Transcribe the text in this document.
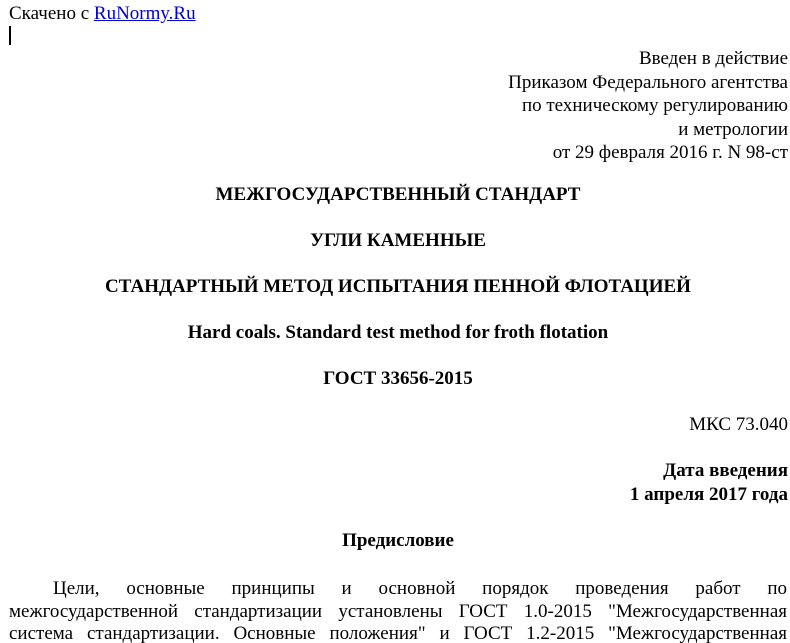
Скачено с RuNormy.Ru
Введен в действие
Приказом Федерального агентства
по техническому регулированию
и метрологии
от 29 февраля 2016 г. N 98-ст
МЕЖГОСУДАРСТВЕННЫЙ СТАНДАРТ
УГЛИ КАМЕННЫЕ
СТАНДАРТНЫЙ МЕТОД ИСПЫТАНИЯ ПЕННОЙ ФЛОТАЦИЕЙ
Hard coals. Standard test method for froth flotation
ГОСТ 33656-2015
МКС 73.040
Дата введения
1 апреля 2017 года
Предисловие
Цели, основные принципы и основной порядок проведения работ по
межгосударственной стандартизации установлены ГОСТ 1.0-2015 "Межгосударственная
система стандартизации. Основные положения" и ГОСТ 1.2-2015 "Межгосударственная
